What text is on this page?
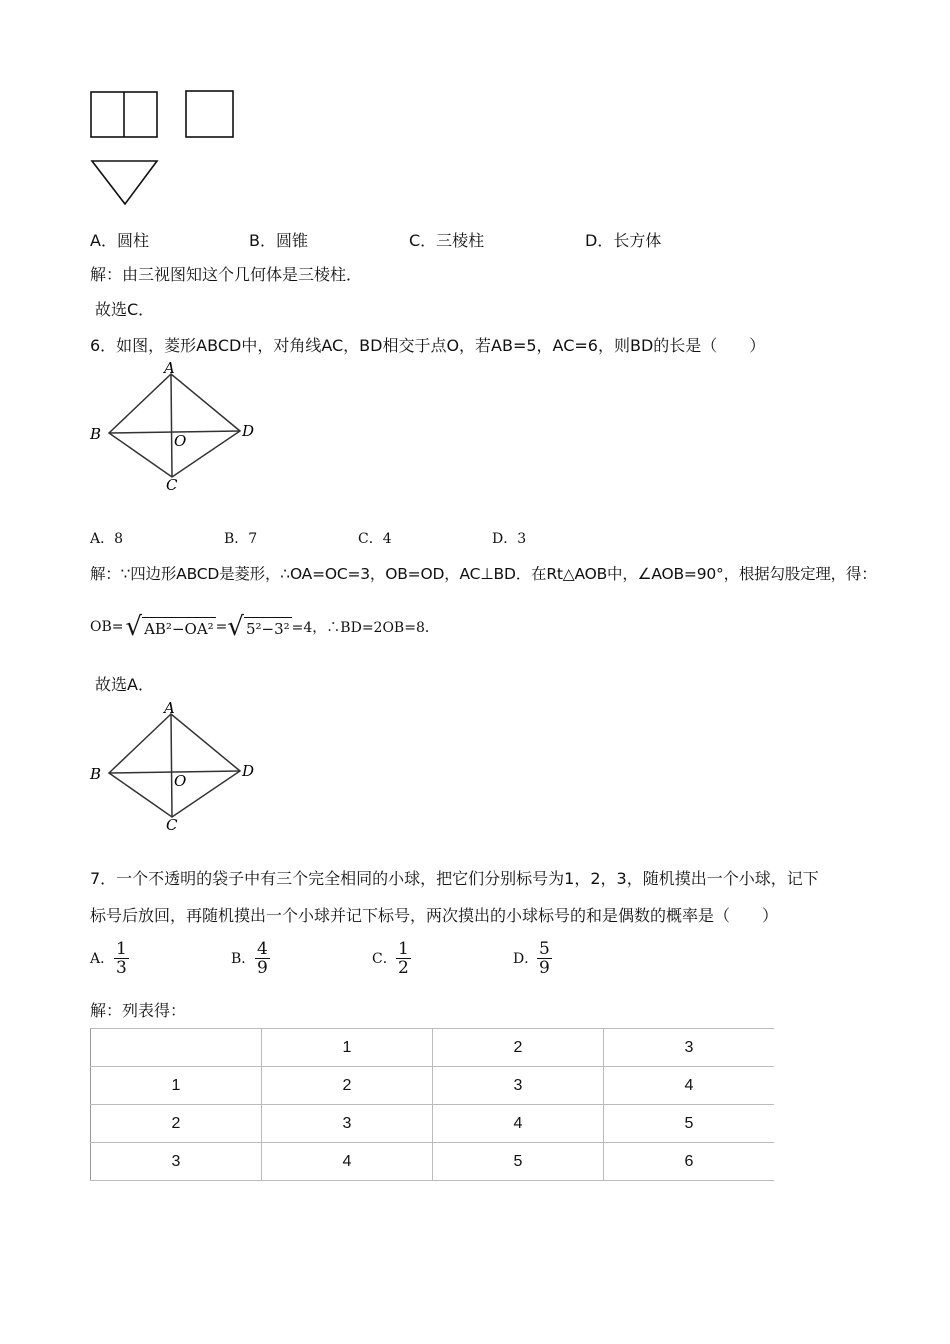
A．圆柱	B．圆锥	C．三棱柱	D．长方体
解：由三视图知这个几何体是三棱柱．
故选C．
6．如图，菱形ABCD中，对角线AC，BD相交于点O，若AB=5，AC=6，则BD的长是（　　）
A
B
C
D
O
A．8	B．7	C．4	D．3
解：∵四边形ABCD是菱形，∴OA=OC=3，OB=OD，AC⊥BD．在Rt△AOB中，∠AOB=90°，根据勾股定理，得：
OB= √ AB²−OA² = √ 5²−3² =4，∴BD=2OB=8．
故选A．
A
B
C
D
O
7．一个不透明的袋子中有三个完全相同的小球，把它们分别标号为1，2，3，随机摸出一个小球，记下
标号后放回，再随机摸出一个小球并记下标号，两次摸出的小球标号的和是偶数的概率是（　　）
A． $\frac{1}{3}$	B． $\frac{4}{9}$	C． $\frac{1}{2}$	D．
$\frac{5}{9}$
解：列表得：
	1	2	3
1	2	3	4
2	3	4	5
3	4	5	6
